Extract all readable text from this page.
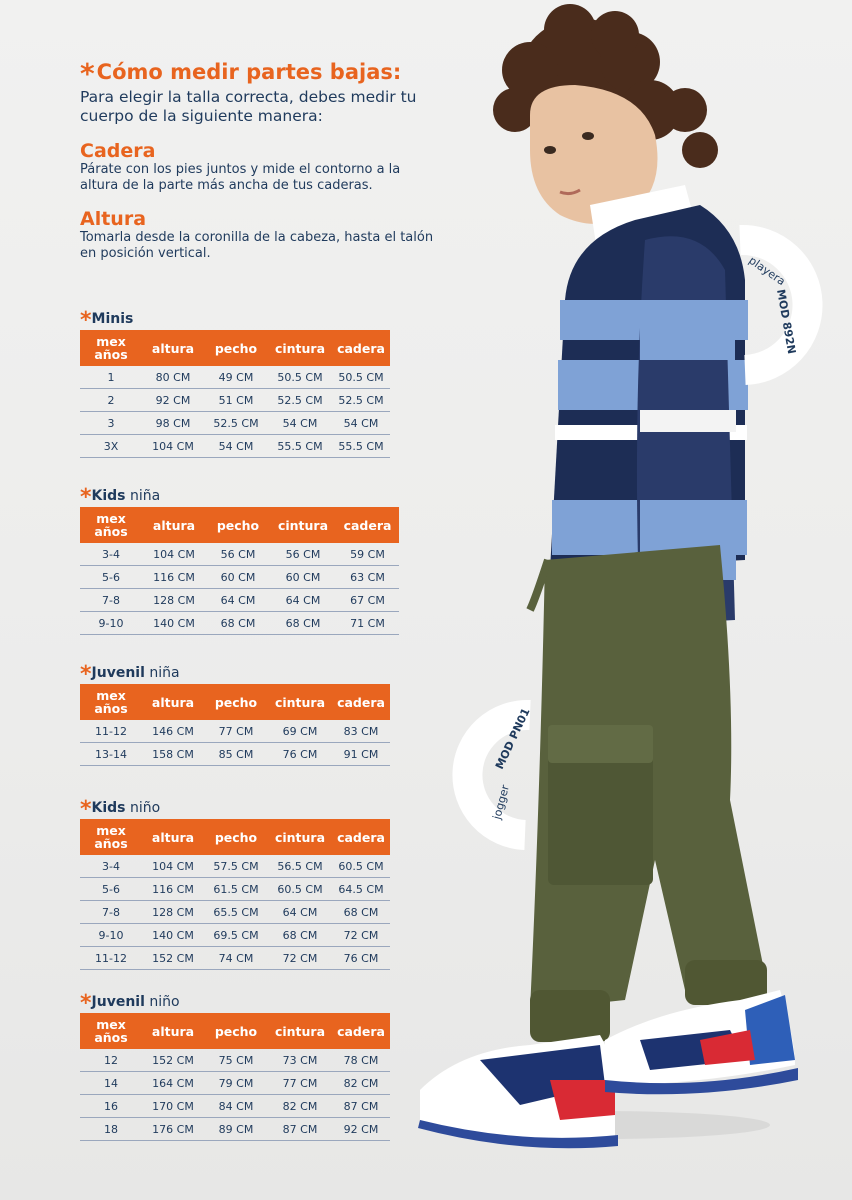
*Cómo medir partes bajas:

Para elegir la talla correcta, debes medir tu cuerpo de la siguiente manera:

Cadera

Párate con los pies juntos y mide el contorno a la altura de la parte más ancha de tus caderas.

Altura

Tomarla desde la coronilla de la cabeza, hasta el talón en posición vertical.

*Minis
mex
años	altura	pecho	cintura	cadera
1	80 CM	49 CM	50.5 CM	50.5 CM
2	92 CM	51 CM	52.5 CM	52.5 CM
3	98 CM	52.5 CM	54 CM	54 CM
3X	104 CM	54 CM	55.5 CM	55.5 CM
*Kids niña
mex
años	altura	pecho	cintura	cadera
3-4	104 CM	56 CM	56 CM	59 CM
5-6	116 CM	60 CM	60 CM	63 CM
7-8	128 CM	64 CM	64 CM	67 CM
9-10	140 CM	68 CM	68 CM	71 CM
*Juvenil niña
mex
años	altura	pecho	cintura	cadera
11-12	146 CM	77 CM	69 CM	83 CM
13-14	158 CM	85 CM	76 CM	91 CM
*Kids niño
mex
años	altura	pecho	cintura	cadera
3-4	104 CM	57.5 CM	56.5 CM	60.5 CM
5-6	116 CM	61.5 CM	60.5 CM	64.5 CM
7-8	128 CM	65.5 CM	64 CM	68 CM
9-10	140 CM	69.5 CM	68 CM	72 CM
11-12	152 CM	74 CM	72 CM	76 CM
*Juvenil niño
mex
años	altura	pecho	cintura	cadera
12	152 CM	75 CM	73 CM	78 CM
14	164 CM	79 CM	77 CM	82 CM
16	170 CM	84 CM	82 CM	87 CM
18	176 CM	89 CM	87 CM	92 CM
playera
MOD 892N
jogger
MOD PN01
